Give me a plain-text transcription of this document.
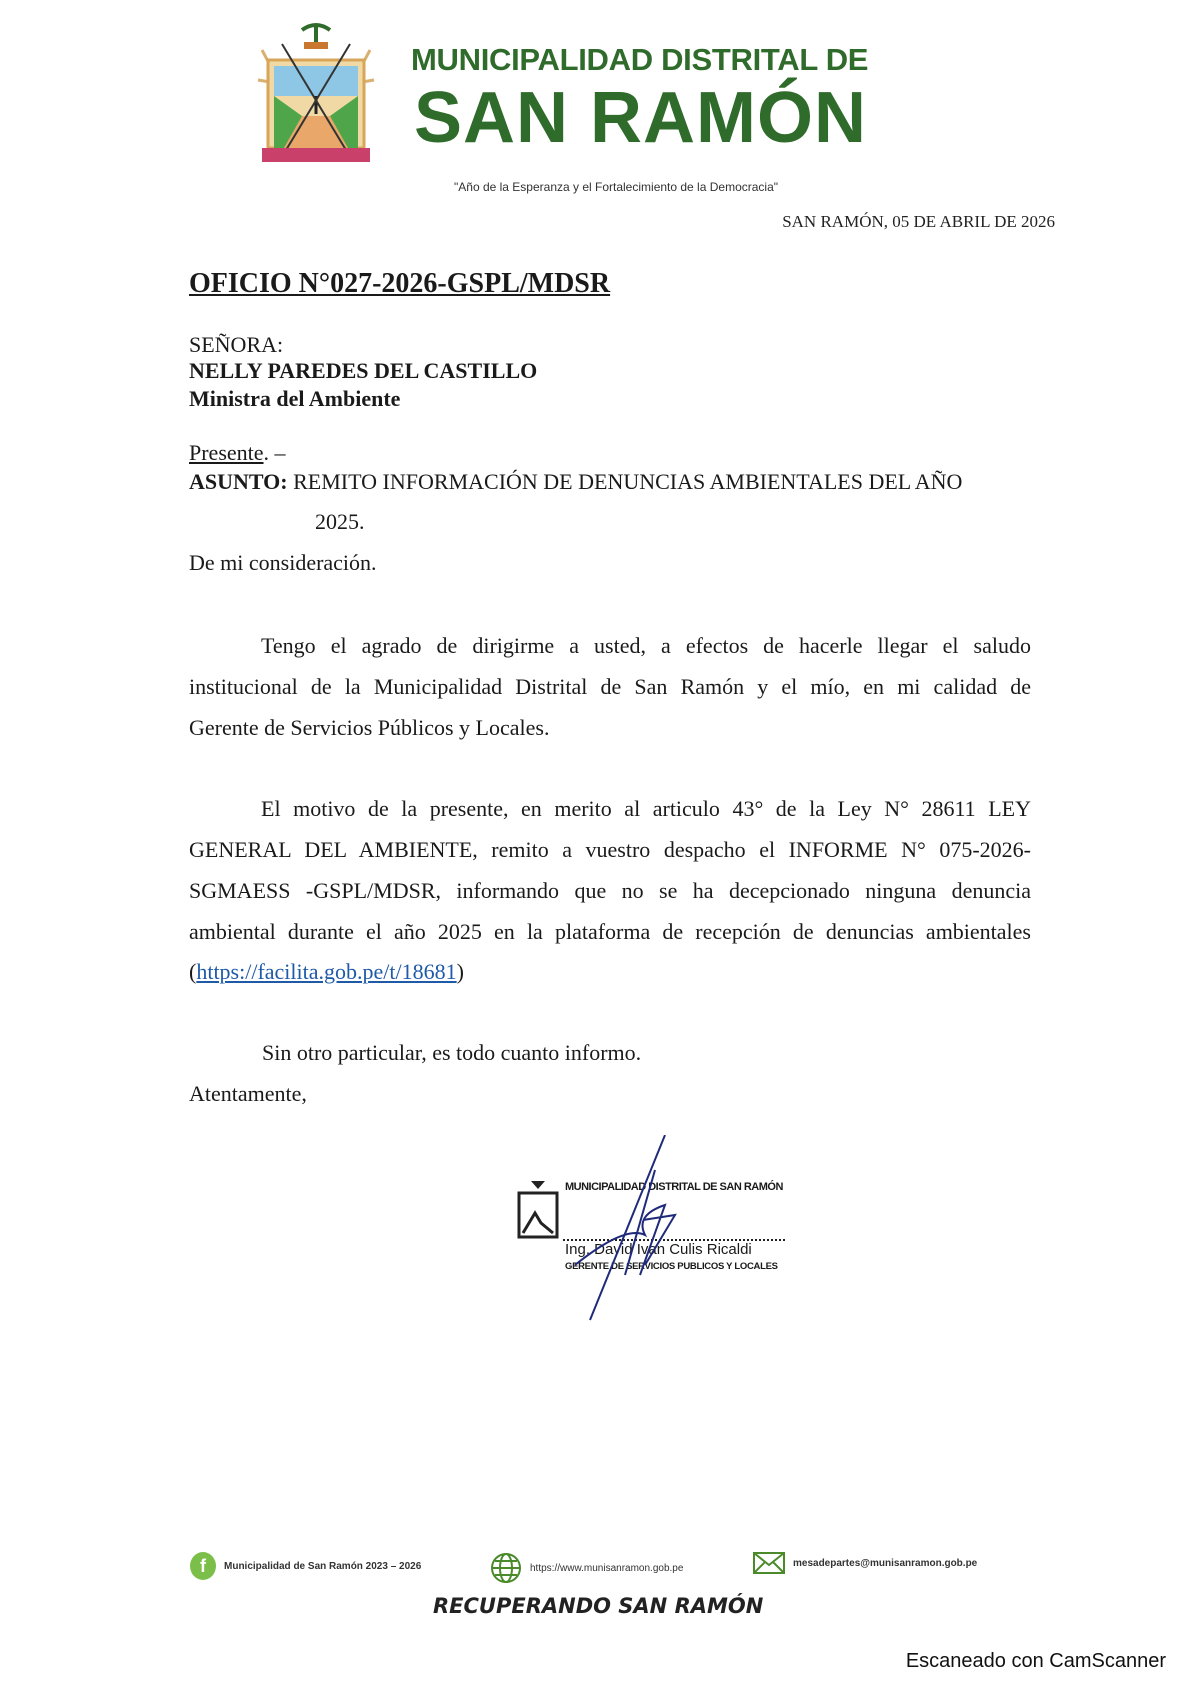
MUNICIPALIDAD DISTRITAL DE
SAN RAMÓN
"Año de la Esperanza y el Fortalecimiento de la Democracia"
SAN RAMÓN, 05 DE ABRIL DE 2026
OFICIO N°027-2026-GSPL/MDSR
SEÑORA:
NELLY PAREDES DEL CASTILLO
Ministra del Ambiente
Presente. –
ASUNTO: REMITO INFORMACIÓN DE DENUNCIAS AMBIENTALES DEL AÑO
2025.
De mi consideración.
Tengo el agrado de dirigirme a usted, a efectos de hacerle llegar el saludo
institucional de la Municipalidad Distrital de San Ramón y el mío, en mi calidad de
Gerente de Servicios Públicos y Locales.
El motivo de la presente, en merito al articulo 43° de la Ley N° 28611 LEY
GENERAL DEL AMBIENTE, remito a vuestro despacho el INFORME N° 075-2026-
SGMAESS -GSPL/MDSR, informando que no se ha decepcionado ninguna denuncia
ambiental durante el año 2025 en la plataforma de recepción de denuncias ambientales
(https://facilita.gob.pe/t/18681)
Sin otro particular, es todo cuanto informo.
Atentamente,
MUNICIPALIDAD DISTRITAL DE SAN RAMÓN
Ing. David Ivan Culis Ricaldi
GERENTE DE SERVICIOS PUBLICOS Y LOCALES
f	Municipalidad de San Ramón 2023 – 2026	https://www.munisanramon.gob.pe	mesadepartes@munisanramon.gob.pe
RECUPERANDO SAN RAMÓN
Escaneado con CamScanner
